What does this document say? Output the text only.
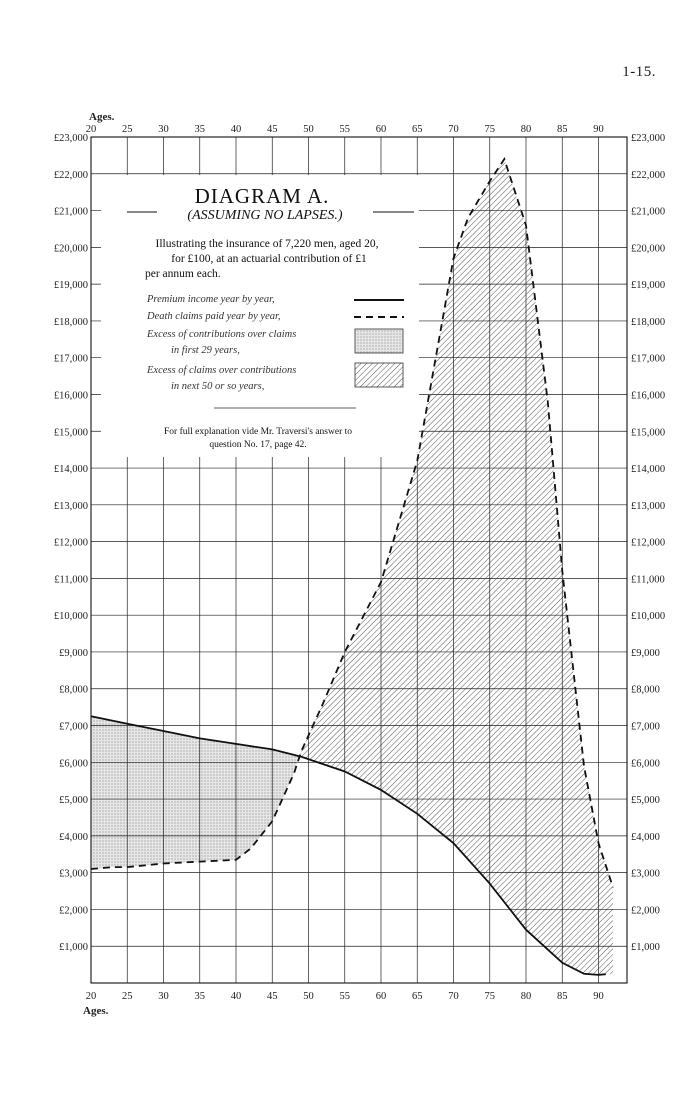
1-15.
DIAGRAM A.
(ASSUMING NO LAPSES.)
Illustrating the insurance of 7,220 men, aged 20,
for £100, at an actuarial contribution of £1
per annum each.
Premium income year by year,
Death claims paid year by year,
Excess of contributions over claims
in first 29 years,
Excess of claims over contributions
in next 50 or so years,
For full explanation vide Mr. Traversi's answer to
question No. 17, page 42.
20
20
25
25
30
30
35
35
40
40
45
45
50
50
55
55
60
60
65
65
70
70
75
75
80
80
85
85
90
90
Ages.
Ages.
£1,000	£1,000
£2,000	£2,000
£3,000	£3,000
£4,000	£4,000
£5,000	£5,000
£6,000	£6,000
£7,000	£7,000
£8,000	£8,000
£9,000	£9,000
£10,000	£10,000
£11,000	£11,000
£12,000	£12,000
£13,000	£13,000
£14,000	£14,000
£15,000	£15,000
£16,000	£16,000
£17,000	£17,000
£18,000	£18,000
£19,000	£19,000
£20,000	£20,000
£21,000	£21,000
£22,000	£22,000
£23,000	£23,000
